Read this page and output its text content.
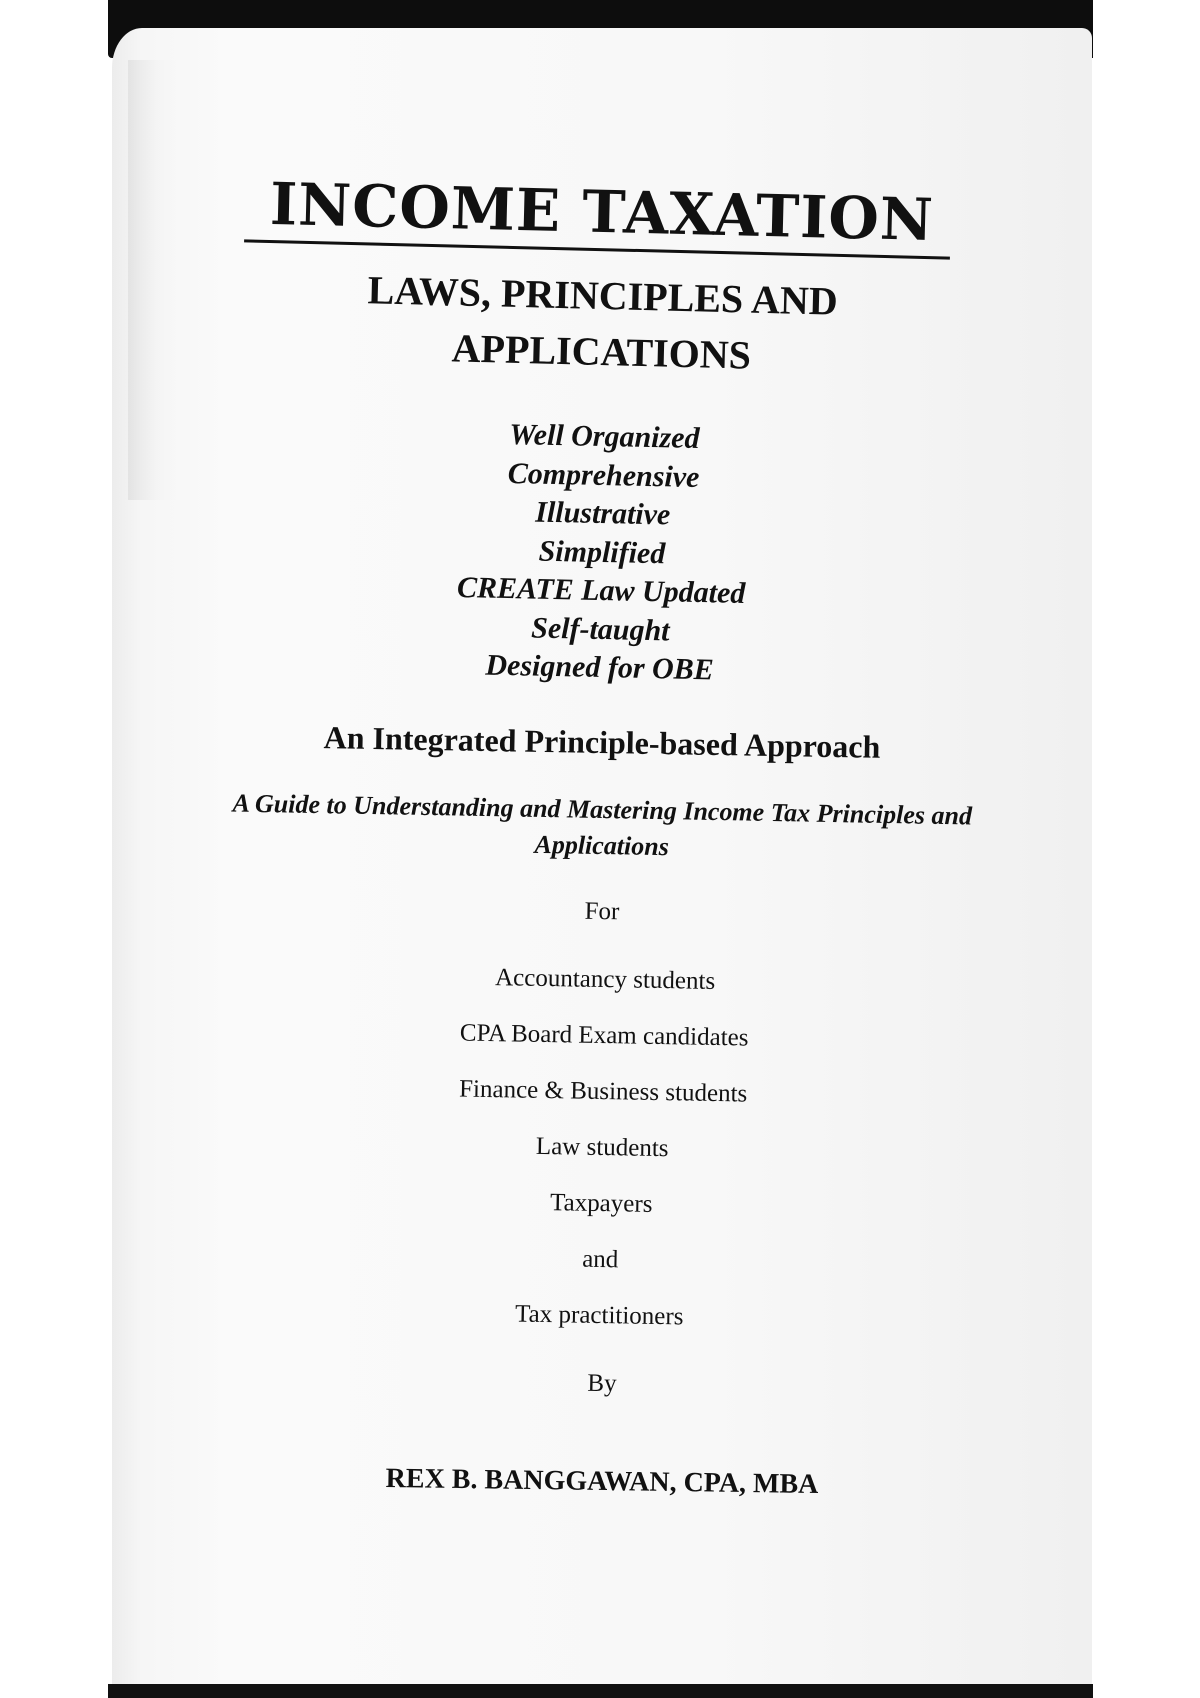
INCOME TAXATION
LAWS, PRINCIPLES AND
APPLICATIONS
Well Organized
Comprehensive
Illustrative
Simplified
CREATE Law Updated
Self-taught
Designed for OBE
An Integrated Principle-based Approach

A Guide to Understanding and Mastering Income Tax Principles and
Applications

For
Accountancy students
CPA Board Exam candidates
Finance & Business students
Law students
Taxpayers
and
Tax practitioners
By
REX B. BANGGAWAN, CPA, MBA
